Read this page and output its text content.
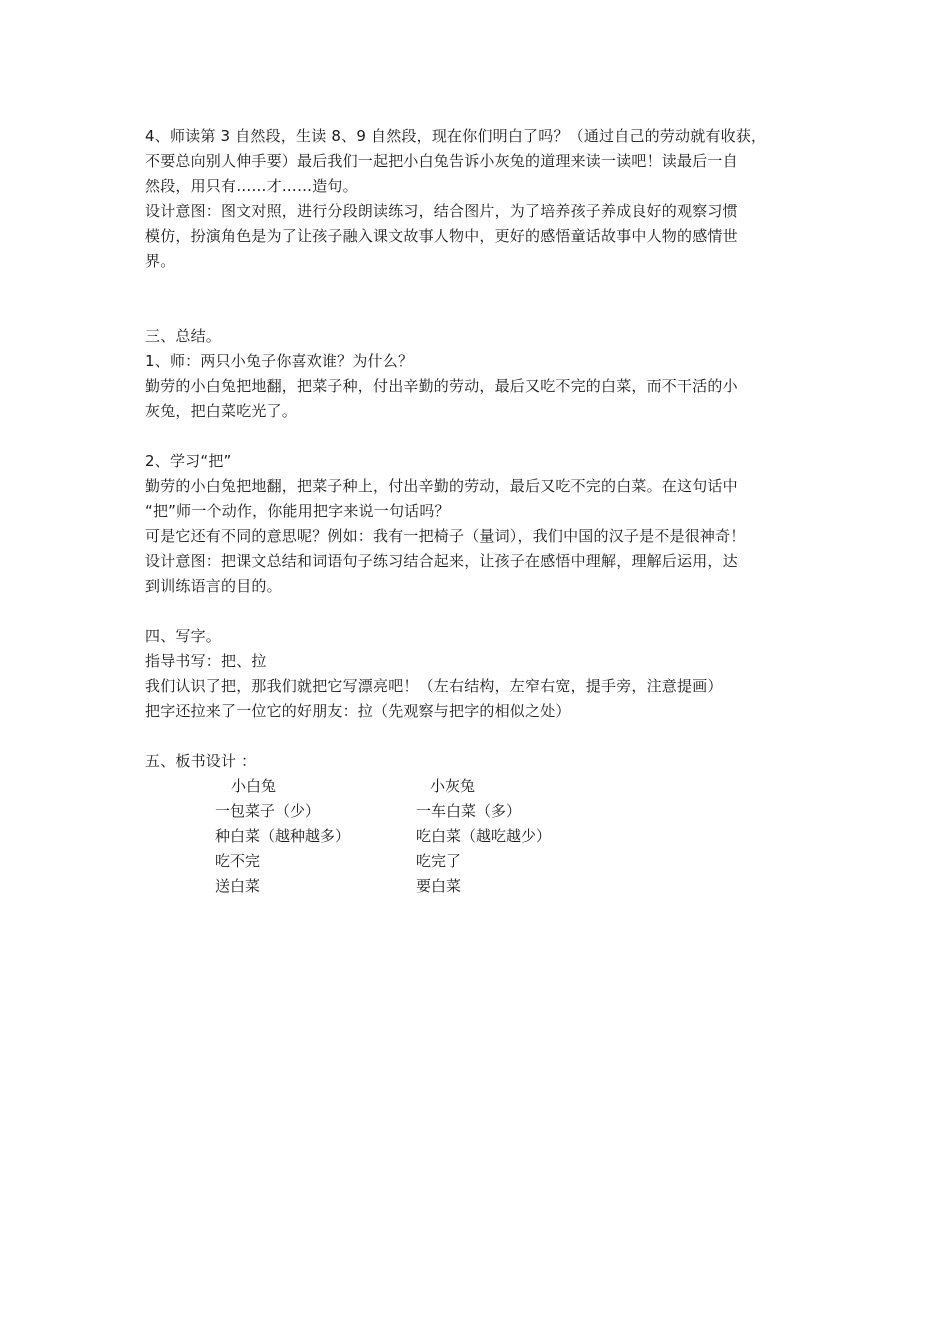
4、师读第 3 自然段，生读 8、9 自然段，现在你们明白了吗？（通过自己的劳动就有收获，
不要总向别人伸手要）最后我们一起把小白兔告诉小灰兔的道理来读一读吧！读最后一自
然段，用只有……才……造句。
设计意图：图文对照，进行分段朗读练习，结合图片，为了培养孩子养成良好的观察习惯
模仿，扮演角色是为了让孩子融入课文故事人物中，更好的感悟童话故事中人物的感情世
界。
三、总结。
1、师：两只小兔子你喜欢谁？为什么？
勤劳的小白兔把地翻，把菜子种，付出辛勤的劳动，最后又吃不完的白菜，而不干活的小
灰兔，把白菜吃光了。
2、学习“把”
勤劳的小白兔把地翻，把菜子种上，付出辛勤的劳动，最后又吃不完的白菜。在这句话中
“把”师一个动作，你能用把字来说一句话吗？
可是它还有不同的意思呢？例如：我有一把椅子（量词），我们中国的汉子是不是很神奇！
设计意图：把课文总结和词语句子练习结合起来，让孩子在感悟中理解，理解后运用，达
到训练语言的目的。
四、写字。
指导书写：把、拉
我们认识了把，那我们就把它写漂亮吧！（左右结构，左窄右宽，提手旁，注意提画）
把字还拉来了一位它的好朋友：拉（先观察与把字的相似之处）
五、板书设计 ：
小白兔	小灰兔
一包菜子（少）	一车白菜（多）
种白菜（越种越多）	吃白菜（越吃越少）
吃不完	吃完了
送白菜	要白菜
